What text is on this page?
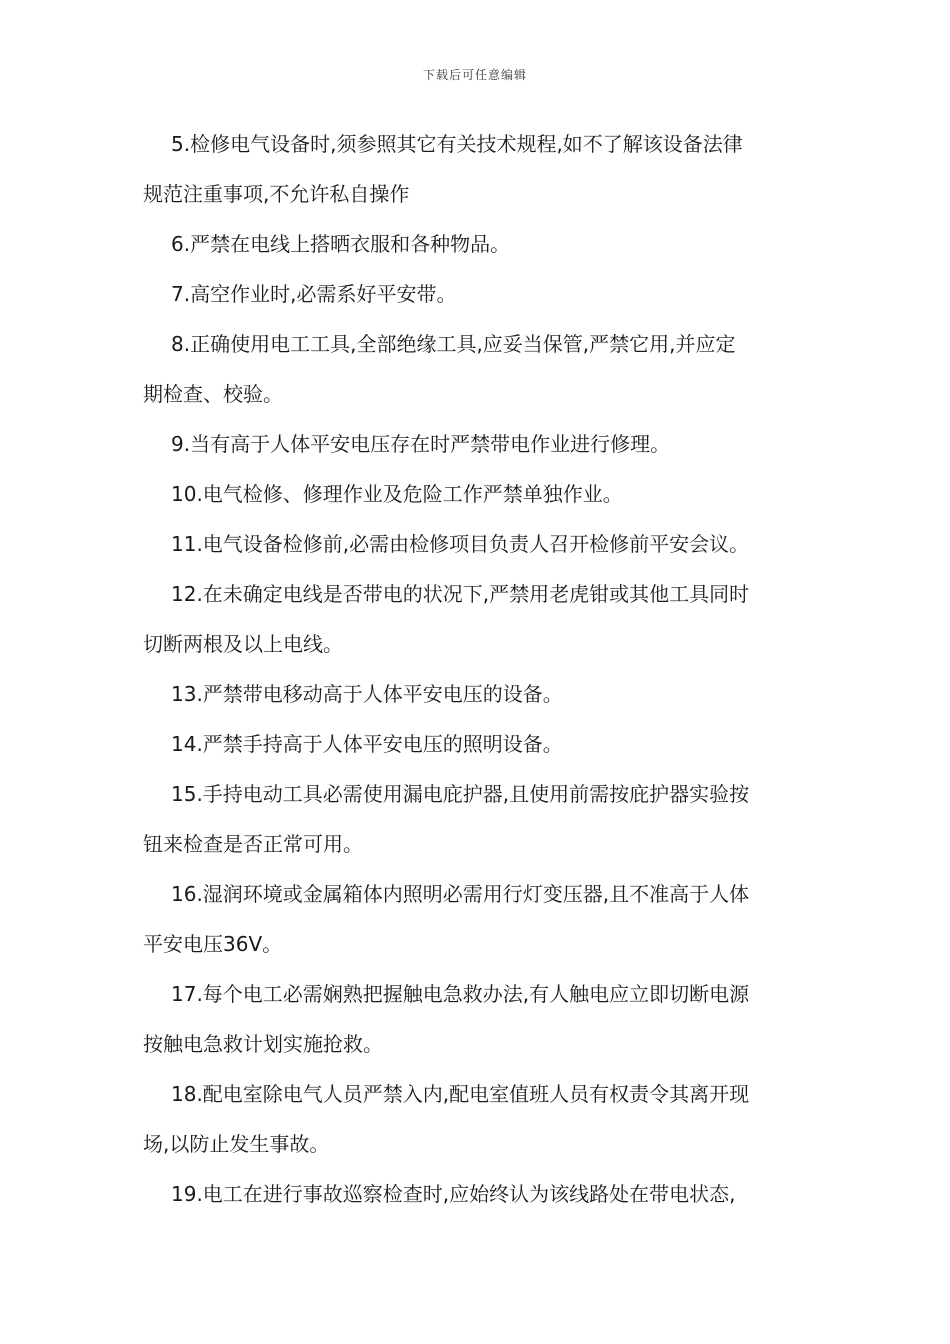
下载后可任意编辑
5.检修电气设备时,须参照其它有关技术规程,如不了解该设备法律
规范注重事项,不允许私自操作
6.严禁在电线上搭晒衣服和各种物品。
7.高空作业时,必需系好平安带。
8.正确使用电工工具,全部绝缘工具,应妥当保管,严禁它用,并应定
期检查、校验。
9.当有高于人体平安电压存在时严禁带电作业进行修理。
10.电气检修、修理作业及危险工作严禁单独作业。
11.电气设备检修前,必需由检修项目负责人召开检修前平安会议。
12.在未确定电线是否带电的状况下,严禁用老虎钳或其他工具同时
切断两根及以上电线。
13.严禁带电移动高于人体平安电压的设备。
14.严禁手持高于人体平安电压的照明设备。
15.手持电动工具必需使用漏电庇护器,且使用前需按庇护器实验按
钮来检查是否正常可用。
16.湿润环境或金属箱体内照明必需用行灯变压器,且不准高于人体
平安电压36V。
17.每个电工必需娴熟把握触电急救办法,有人触电应立即切断电源
按触电急救计划实施抢救。
18.配电室除电气人员严禁入内,配电室值班人员有权责令其离开现
场,以防止发生事故。
19.电工在进行事故巡察检查时,应始终认为该线路处在带电状态,
